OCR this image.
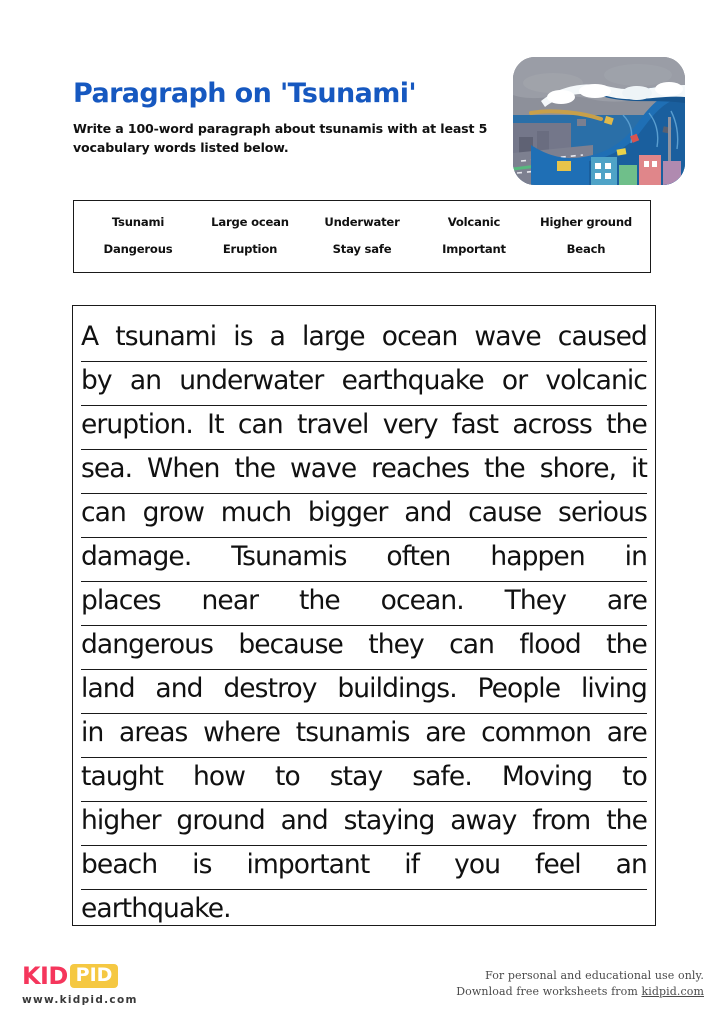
Paragraph on 'Tsunami'
Write a 100-word paragraph about tsunamis with at least 5 vocabulary words listed below.
Tsunami	Large ocean	Underwater	Volcanic	Higher ground
Dangerous	Eruption	Stay safe	Important	Beach
A tsunami is a large ocean wave caused
by an underwater earthquake or volcanic
eruption. It can travel very fast across the
sea. When the wave reaches the shore, it
can grow much bigger and cause serious
damage. Tsunamis often happen in
places near the ocean. They are
dangerous because they can flood the
land and destroy buildings. People living
in areas where tsunamis are common are
taught how to stay safe. Moving to
higher ground and staying away from the
beach is important if you feel an
earthquake.
KID PID
www.kidpid.com
For personal and educational use only.
Download free worksheets from kidpid.com
